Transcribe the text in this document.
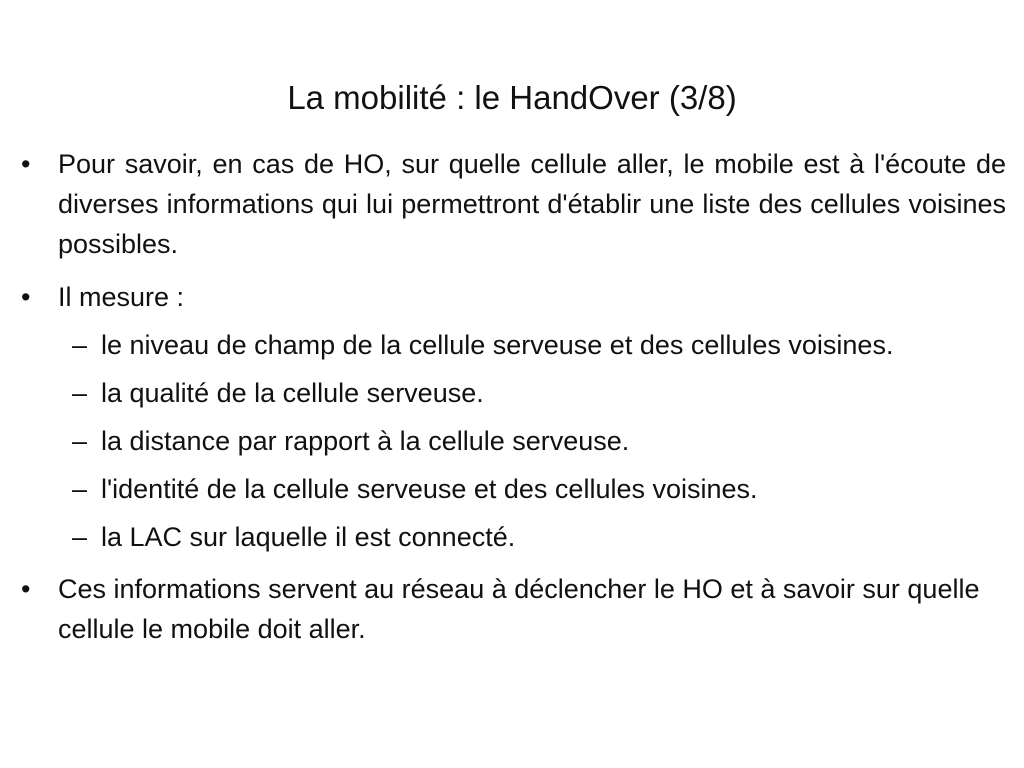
La mobilité : le HandOver (3/8)
• Pour savoir, en cas de HO, sur quelle cellule aller, le mobile est à l'écoute de diverses informations qui lui permettront d'établir une liste des cellules voisines possibles.
• Il mesure :
– le niveau de champ de la cellule serveuse et des cellules voisines.
– la qualité de la cellule serveuse.
– la distance par rapport à la cellule serveuse.
– l'identité de la cellule serveuse et des cellules voisines.
– la LAC sur laquelle il est connecté.
• Ces informations servent au réseau à déclencher le HO et à savoir sur quelle cellule le mobile doit aller.
